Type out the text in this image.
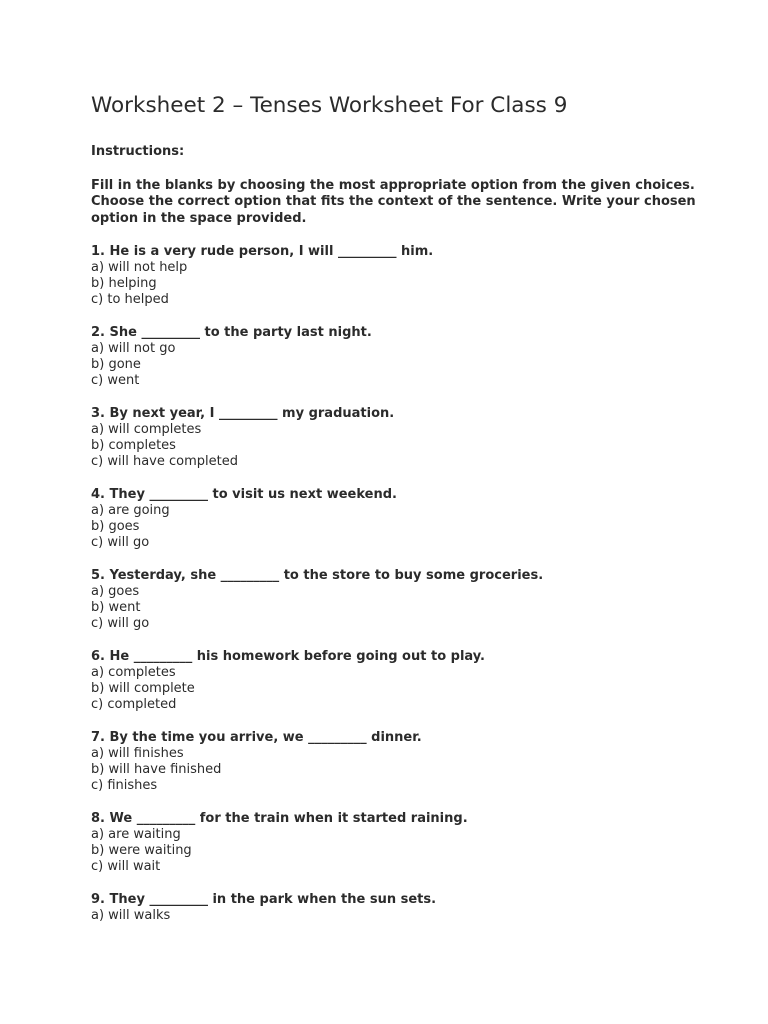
Worksheet 2 – Tenses Worksheet For Class 9
Instructions:
Fill in the blanks by choosing the most appropriate option from the given choices. Choose the correct option that fits the context of the sentence. Write your chosen option in the space provided.
1. He is a very rude person, I will _________ him.
a) will not help
b) helping
c) to helped
2. She _________ to the party last night.
a) will not go
b) gone
c) went
3. By next year, I _________ my graduation.
a) will completes
b) completes
c) will have completed
4. They _________ to visit us next weekend.
a) are going
b) goes
c) will go
5. Yesterday, she _________ to the store to buy some groceries.
a) goes
b) went
c) will go
6. He _________ his homework before going out to play.
a) completes
b) will complete
c) completed
7. By the time you arrive, we _________ dinner.
a) will finishes
b) will have finished
c) finishes
8. We _________ for the train when it started raining.
a) are waiting
b) were waiting
c) will wait
9. They _________ in the park when the sun sets.
a) will walks
